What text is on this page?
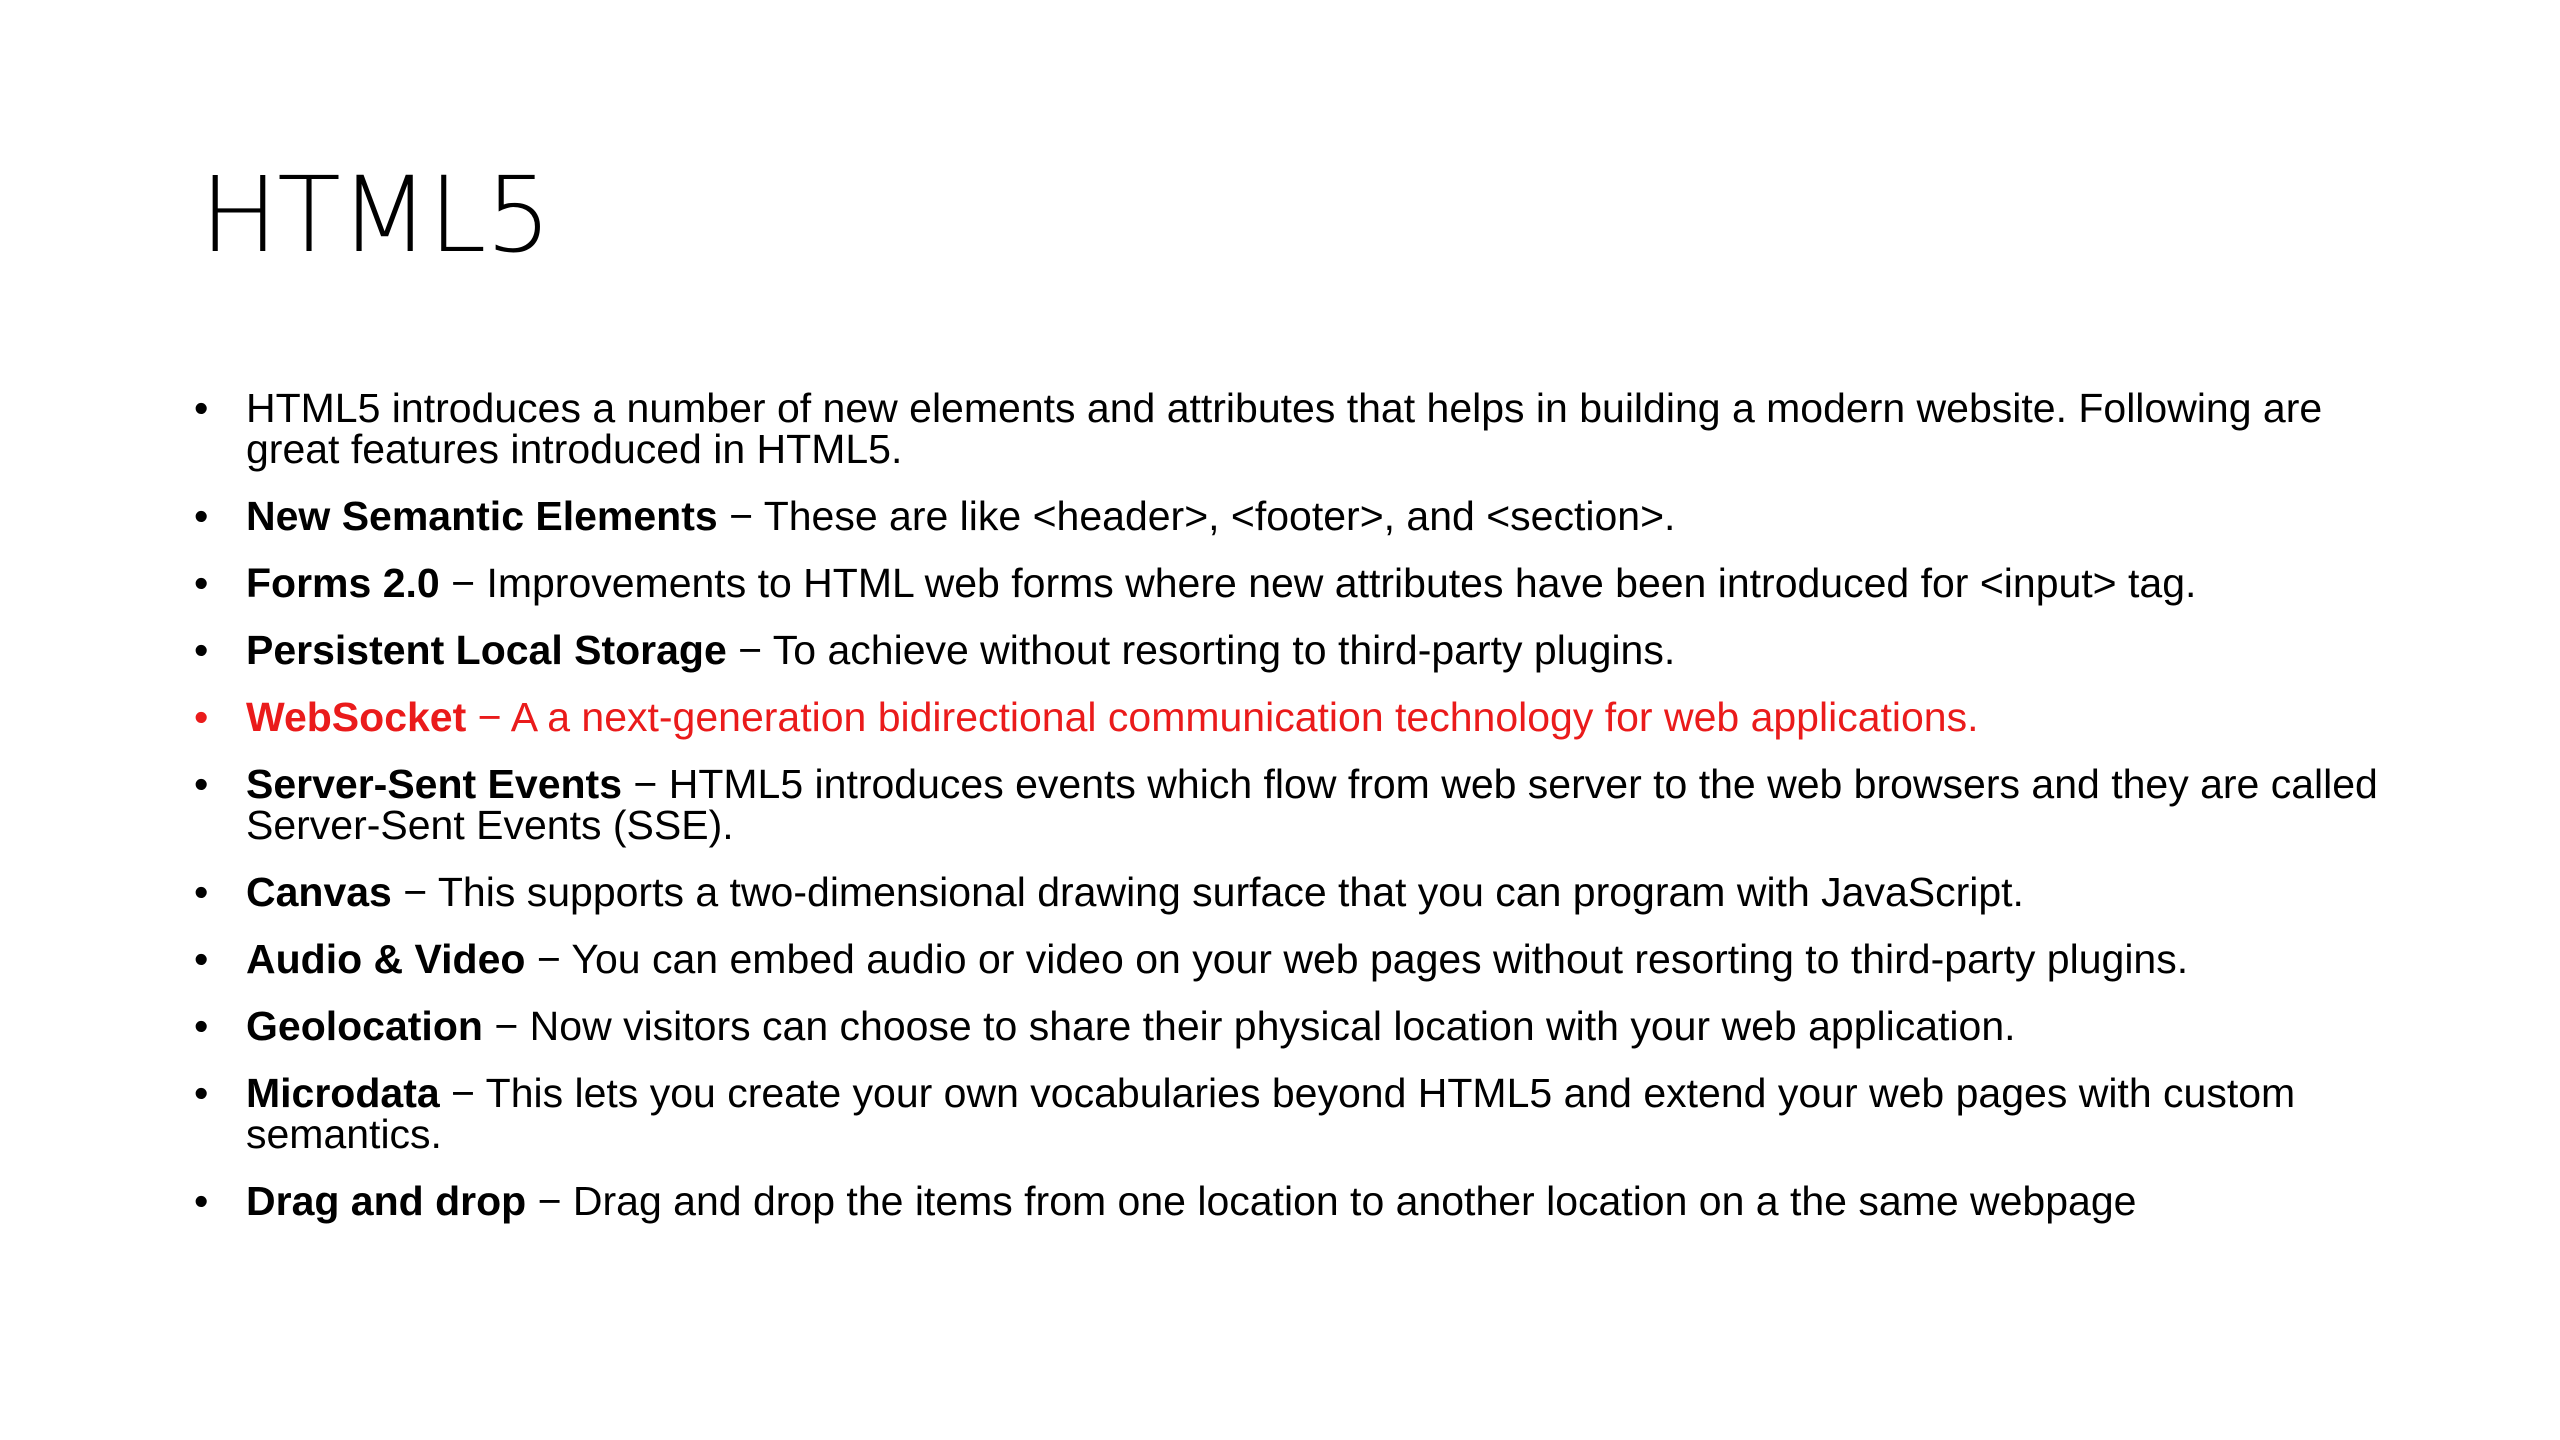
HTML5
• HTML5 introduces a number of new elements and attributes that helps in building a modern website. Following are great features introduced in HTML5.
• New Semantic Elements − These are like <header>, <footer>, and <section>.
• Forms 2.0 − Improvements to HTML web forms where new attributes have been introduced for <input> tag.
• Persistent Local Storage − To achieve without resorting to third-party plugins.
• WebSocket − A a next-generation bidirectional communication technology for web applications.
• Server-Sent Events − HTML5 introduces events which flow from web server to the web browsers and they are called Server-Sent Events (SSE).
• Canvas − This supports a two-dimensional drawing surface that you can program with JavaScript.
• Audio & Video − You can embed audio or video on your web pages without resorting to third-party plugins.
• Geolocation − Now visitors can choose to share their physical location with your web application.
• Microdata − This lets you create your own vocabularies beyond HTML5 and extend your web pages with custom semantics.
• Drag and drop − Drag and drop the items from one location to another location on a the same webpage
